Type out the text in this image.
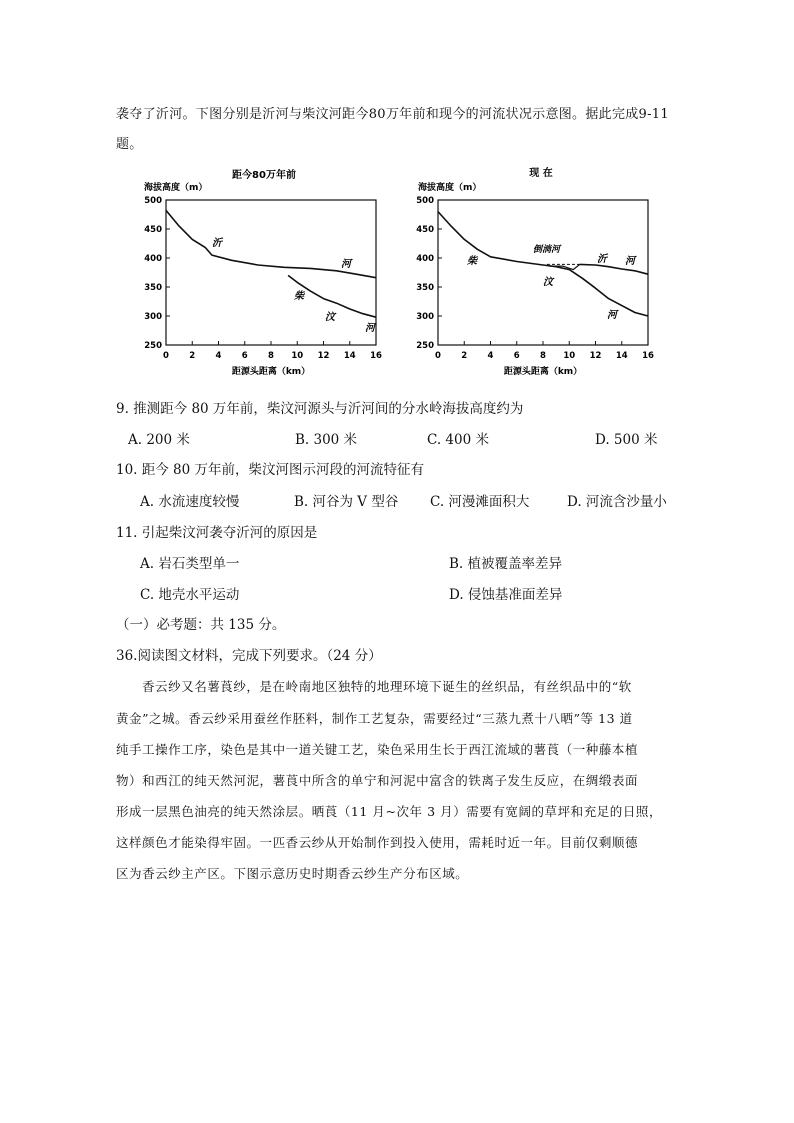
袭夺了沂河。下图分别是沂河与柴汶河距今80万年前和现今的河流状况示意图。据此完成9-11
题。
距今80万年前
海拔高度（m）
500
450
400
350
300
250
0 2 4 6 8 10 12 14 16
距源头距离（km）
沂
河
柴
汶
河
现 在
海拔高度（m）
500
450
400
350
300
250
0 2 4 6 8 10 12 14 16
距源头距离（km）
柴
汶
倒淌河
沂 河
河
9. 推测距今 80 万年前，柴汶河源头与沂河间的分水岭海拔高度约为
A. 200 米	B. 300 米	C. 400 米	D. 500 米
10. 距今 80 万年前，柴汶河图示河段的河流特征有
A. 水流速度较慢	B. 河谷为 V 型谷 C. 河漫滩面积大	D. 河流含沙量小
11. 引起柴汶河袭夺沂河的原因是
A. 岩石类型单一	B. 植被覆盖率差异
C. 地壳水平运动	D. 侵蚀基准面差异
（一）必考题：共 135 分。
36.阅读图文材料，完成下列要求。（24 分）
香云纱又名薯莨纱，是在岭南地区独特的地理环境下诞生的丝织品，有丝织品中的“软
黄金”之城。香云纱采用蚕丝作胚料，制作工艺复杂，需要经过“三蒸九煮十八晒”等 13 道
纯手工操作工序，染色是其中一道关键工艺，染色采用生长于西江流域的薯莨（一种藤本植
物）和西江的纯天然河泥，薯莨中所含的单宁和河泥中富含的铁离子发生反应，在绸缎表面
形成一层黑色油亮的纯天然涂层。晒莨（11 月~次年 3 月）需要有宽阔的草坪和充足的日照，
这样颜色才能染得牢固。一匹香云纱从开始制作到投入使用，需耗时近一年。目前仅剩顺德
区为香云纱主产区。下图示意历史时期香云纱生产分布区域。
